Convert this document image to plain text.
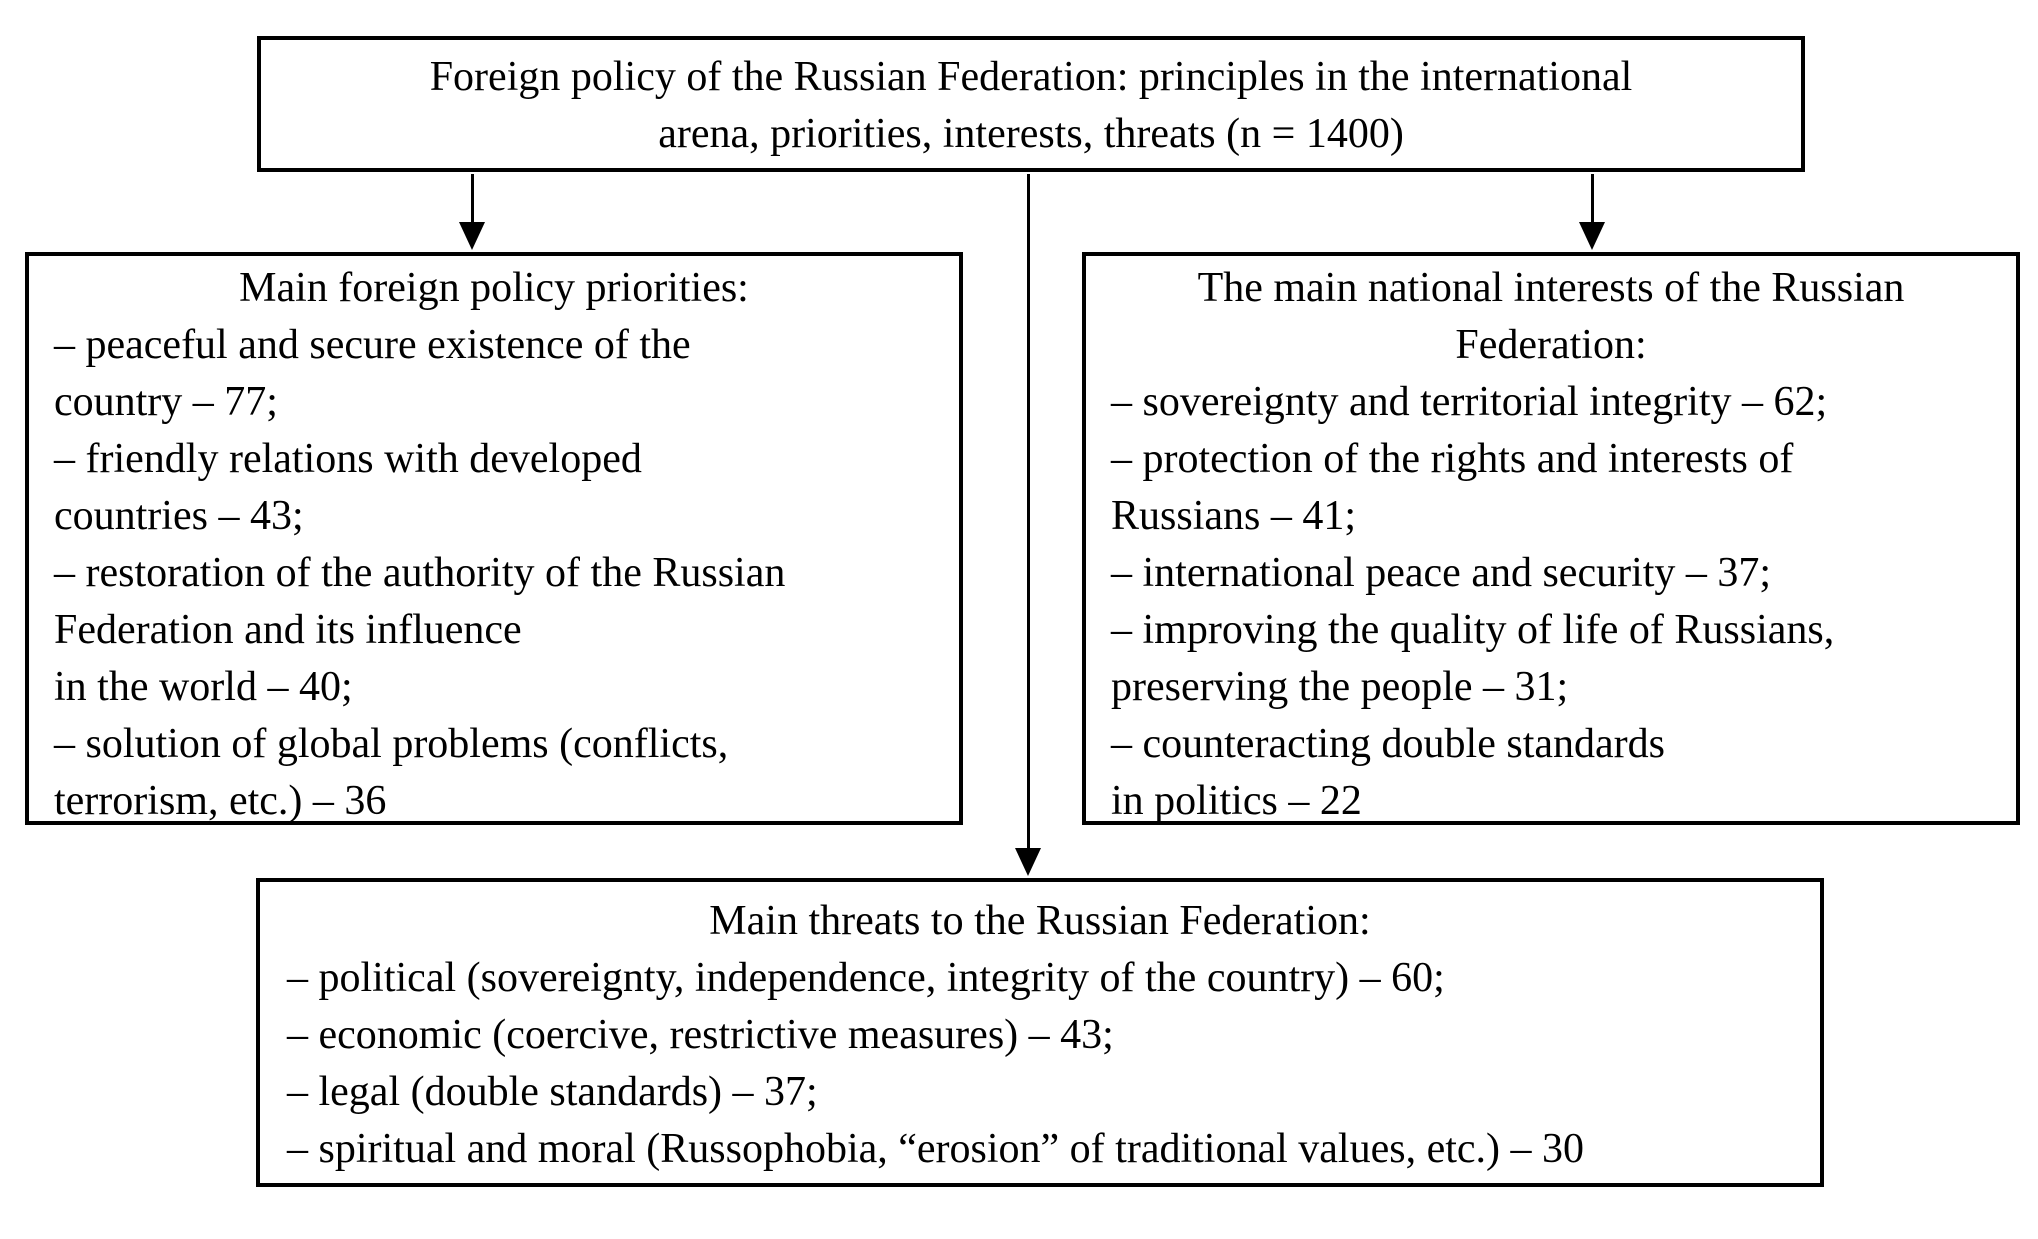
Foreign policy of the Russian Federation: principles in the international
arena, priorities, interests, threats (n = 1400)
Main foreign policy priorities:
– peaceful and secure existence of the
country – 77;
– friendly relations with developed
countries – 43;
– restoration of the authority of the Russian
Federation and its influence
in the world – 40;
– solution of global problems (conflicts,
terrorism, etc.) – 36
The main national interests of the Russian
Federation:
– sovereignty and territorial integrity – 62;
– protection of the rights and interests of
Russians – 41;
– international peace and security – 37;
– improving the quality of life of Russians,
preserving the people – 31;
– counteracting double standards
in politics – 22
Main threats to the Russian Federation:
– political (sovereignty, independence, integrity of the country) – 60;
– economic (coercive, restrictive measures) – 43;
– legal (double standards) – 37;
– spiritual and moral (Russophobia, “erosion” of traditional values, etc.) – 30
